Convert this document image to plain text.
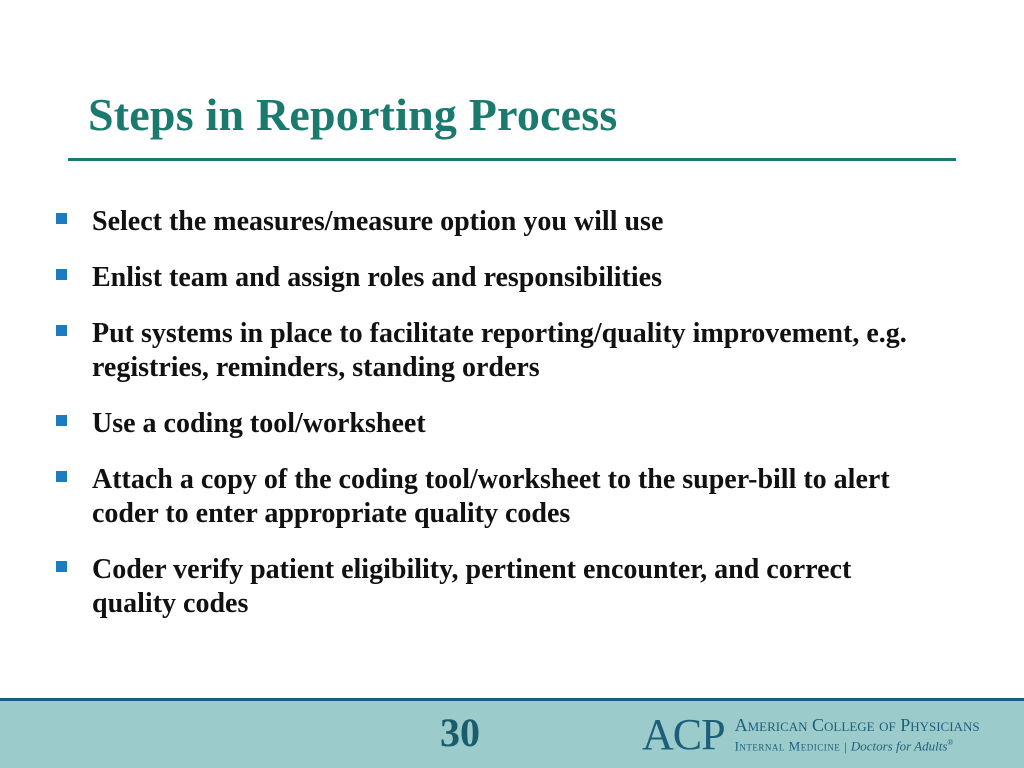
Steps in Reporting Process
Select the measures/measure option you will use
Enlist team and assign roles and responsibilities
Put systems in place to facilitate reporting/quality improvement, e.g. registries, reminders, standing orders
Use a coding tool/worksheet
Attach a copy of the coding tool/worksheet to the super-bill to alert coder to enter appropriate quality codes
Coder verify patient eligibility, pertinent encounter, and correct quality codes
30	ACP American College of Physicians
Internal Medicine | Doctors for Adults®
